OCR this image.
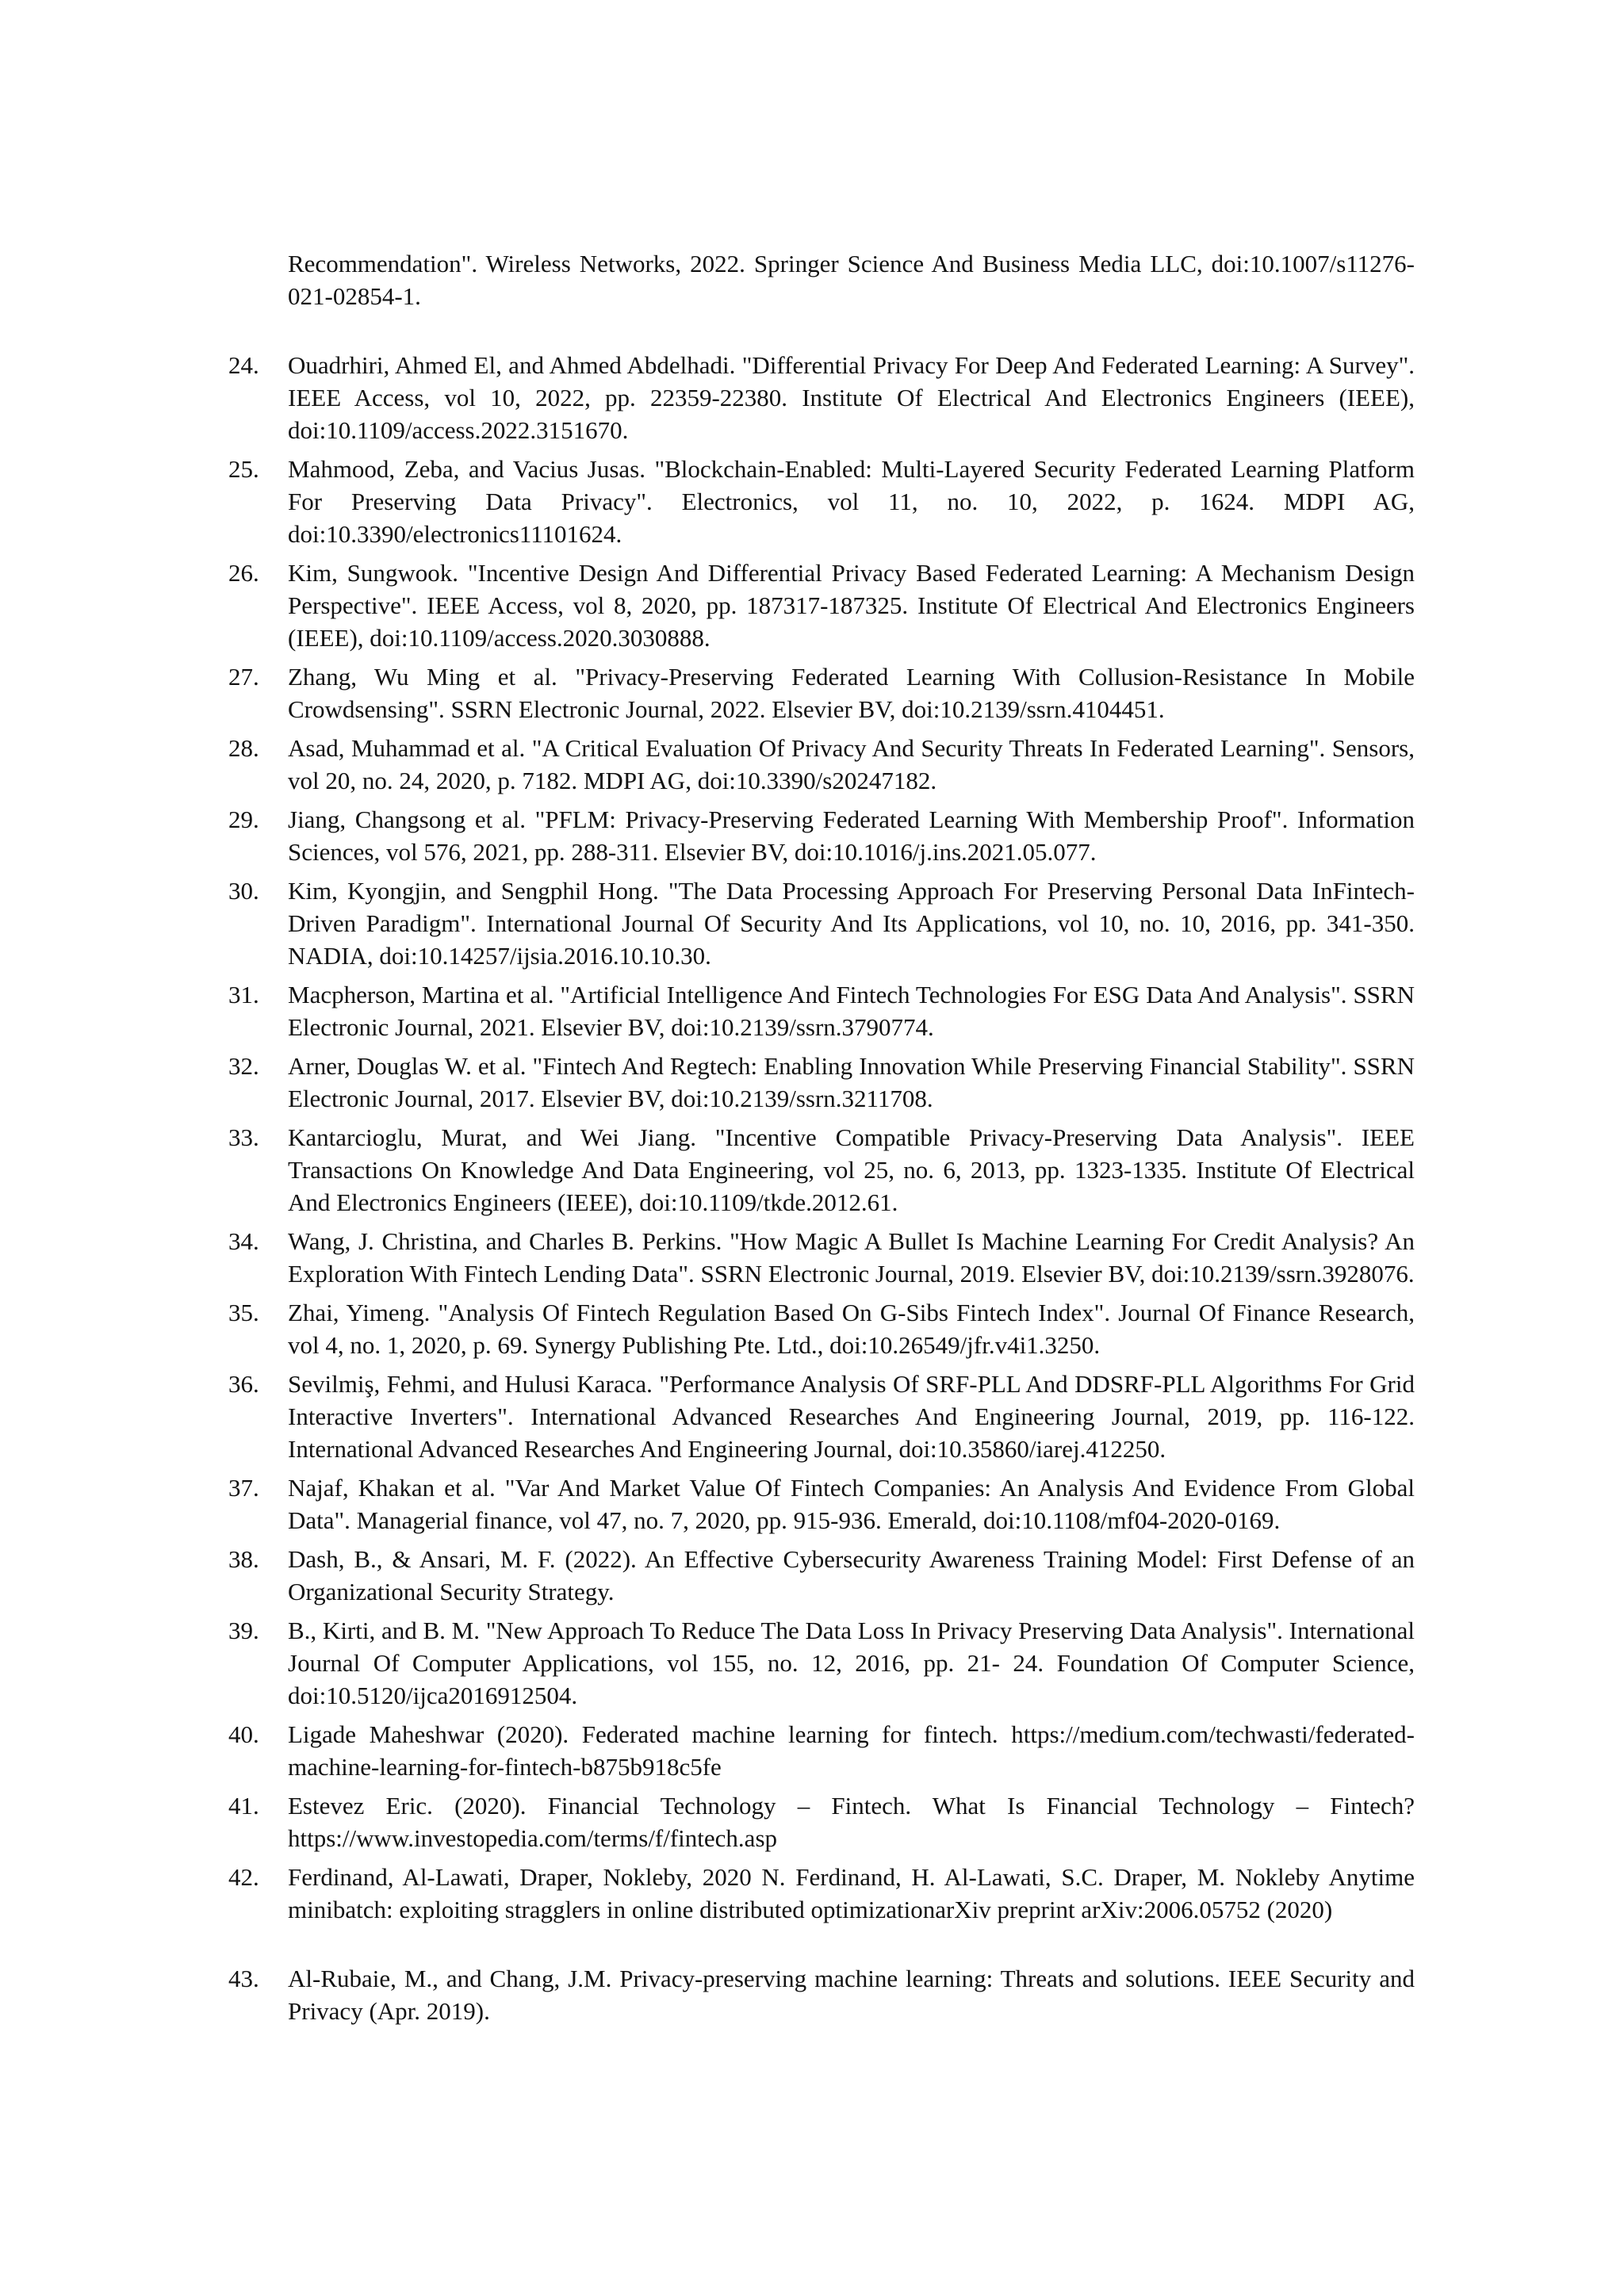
Recommendation". Wireless Networks, 2022. Springer Science And Business Media LLC, doi:10.1007/s11276-021-02854-1.
24.	Ouadrhiri, Ahmed El, and Ahmed Abdelhadi. "Differential Privacy For Deep And Federated Learning: A Survey". IEEE Access, vol 10, 2022, pp. 22359-22380. Institute Of Electrical And Electronics Engineers (IEEE), doi:10.1109/access.2022.3151670.
25.	Mahmood, Zeba, and Vacius Jusas. "Blockchain-Enabled: Multi-Layered Security Federated Learning Platform For Preserving Data Privacy". Electronics, vol 11, no. 10, 2022, p. 1624. MDPI AG, doi:10.3390/electronics11101624.
26.	Kim, Sungwook. "Incentive Design And Differential Privacy Based Federated Learning: A Mechanism Design Perspective". IEEE Access, vol 8, 2020, pp. 187317-187325. Institute Of Electrical And Electronics Engineers (IEEE), doi:10.1109/access.2020.3030888.
27.	Zhang, Wu Ming et al. "Privacy-Preserving Federated Learning With Collusion-Resistance In Mobile Crowdsensing". SSRN Electronic Journal, 2022. Elsevier BV, doi:10.2139/ssrn.4104451.
28.	Asad, Muhammad et al. "A Critical Evaluation Of Privacy And Security Threats In Federated Learning". Sensors, vol 20, no. 24, 2020, p. 7182. MDPI AG, doi:10.3390/s20247182.
29.	Jiang, Changsong et al. "PFLM: Privacy-Preserving Federated Learning With Membership Proof". Information Sciences, vol 576, 2021, pp. 288-311. Elsevier BV, doi:10.1016/j.ins.2021.05.077.
30.	Kim, Kyongjin, and Sengphil Hong. "The Data Processing Approach For Preserving Personal Data InFintech-Driven Paradigm". International Journal Of Security And Its Applications, vol 10, no. 10, 2016, pp. 341-350. NADIA, doi:10.14257/ijsia.2016.10.10.30.
31.	Macpherson, Martina et al. "Artificial Intelligence And Fintech Technologies For ESG Data And Analysis". SSRN Electronic Journal, 2021. Elsevier BV, doi:10.2139/ssrn.3790774.
32.	Arner, Douglas W. et al. "Fintech And Regtech: Enabling Innovation While Preserving Financial Stability". SSRN Electronic Journal, 2017. Elsevier BV, doi:10.2139/ssrn.3211708.
33.	Kantarcioglu, Murat, and Wei Jiang. "Incentive Compatible Privacy-Preserving Data Analysis". IEEE Transactions On Knowledge And Data Engineering, vol 25, no. 6, 2013, pp. 1323-1335. Institute Of Electrical And Electronics Engineers (IEEE), doi:10.1109/tkde.2012.61.
34.	Wang, J. Christina, and Charles B. Perkins. "How Magic A Bullet Is Machine Learning For Credit Analysis? An Exploration With Fintech Lending Data". SSRN Electronic Journal, 2019. Elsevier BV, doi:10.2139/ssrn.3928076.
35.	Zhai, Yimeng. "Analysis Of Fintech Regulation Based On G-Sibs Fintech Index". Journal Of Finance Research, vol 4, no. 1, 2020, p. 69. Synergy Publishing Pte. Ltd., doi:10.26549/jfr.v4i1.3250.
36.	Sevilmiş, Fehmi, and Hulusi Karaca. "Performance Analysis Of SRF-PLL And DDSRF-PLL Algorithms For Grid Interactive Inverters". International Advanced Researches And Engineering Journal, 2019, pp. 116-122. International Advanced Researches And Engineering Journal, doi:10.35860/iarej.412250.
37.	Najaf, Khakan et al. "Var And Market Value Of Fintech Companies: An Analysis And Evidence From Global Data". Managerial finance, vol 47, no. 7, 2020, pp. 915-936. Emerald, doi:10.1108/mf04-2020-0169.
38.	Dash, B., & Ansari, M. F. (2022). An Effective Cybersecurity Awareness Training Model: First Defense of an Organizational Security Strategy.
39.	B., Kirti, and B. M. "New Approach To Reduce The Data Loss In Privacy Preserving Data Analysis". International Journal Of Computer Applications, vol 155, no. 12, 2016, pp. 21- 24. Foundation Of Computer Science, doi:10.5120/ijca2016912504.
40.	Ligade Maheshwar (2020). Federated machine learning for fintech. https://medium.com/techwasti/federated-machine-learning-for-fintech-b875b918c5fe
41.	Estevez Eric. (2020). Financial Technology – Fintech. What Is Financial Technology – Fintech? https://www.investopedia.com/terms/f/fintech.asp
42.	Ferdinand, Al-Lawati, Draper, Nokleby, 2020 N. Ferdinand, H. Al-Lawati, S.C. Draper, M. Nokleby Anytime minibatch: exploiting stragglers in online distributed optimizationarXiv preprint arXiv:2006.05752 (2020)
43.	Al-Rubaie, M., and Chang, J.M. Privacy-preserving machine learning: Threats and solutions. IEEE Security and Privacy (Apr. 2019).
